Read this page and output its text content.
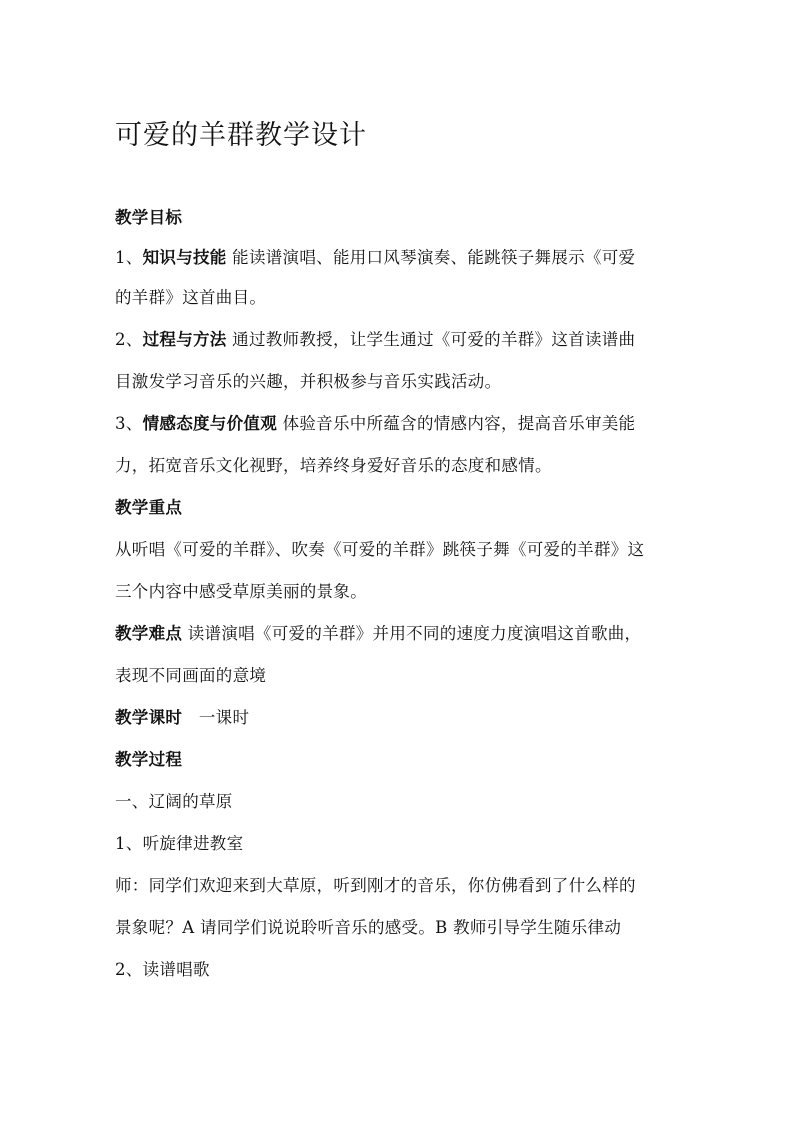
可爱的羊群教学设计
教学目标
1、知识与技能 能读谱演唱、能用口风琴演奏、能跳筷子舞展示《可爱
的羊群》这首曲目。
2、过程与方法 通过教师教授，让学生通过《可爱的羊群》这首读谱曲
目激发学习音乐的兴趣，并积极参与音乐实践活动。
3、情感态度与价值观 体验音乐中所蕴含的情感内容，提高音乐审美能
力，拓宽音乐文化视野，培养终身爱好音乐的态度和感情。
教学重点
从听唱《可爱的羊群》、吹奏《可爱的羊群》跳筷子舞《可爱的羊群》这
三个内容中感受草原美丽的景象。
教学难点 读谱演唱《可爱的羊群》并用不同的速度力度演唱这首歌曲，
表现不同画面的意境
教学课时 一课时
教学过程
一、辽阔的草原
1、听旋律进教室
师：同学们欢迎来到大草原，听到刚才的音乐，你仿佛看到了什么样的
景象呢？A 请同学们说说聆听音乐的感受。B 教师引导学生随乐律动
2、读谱唱歌
